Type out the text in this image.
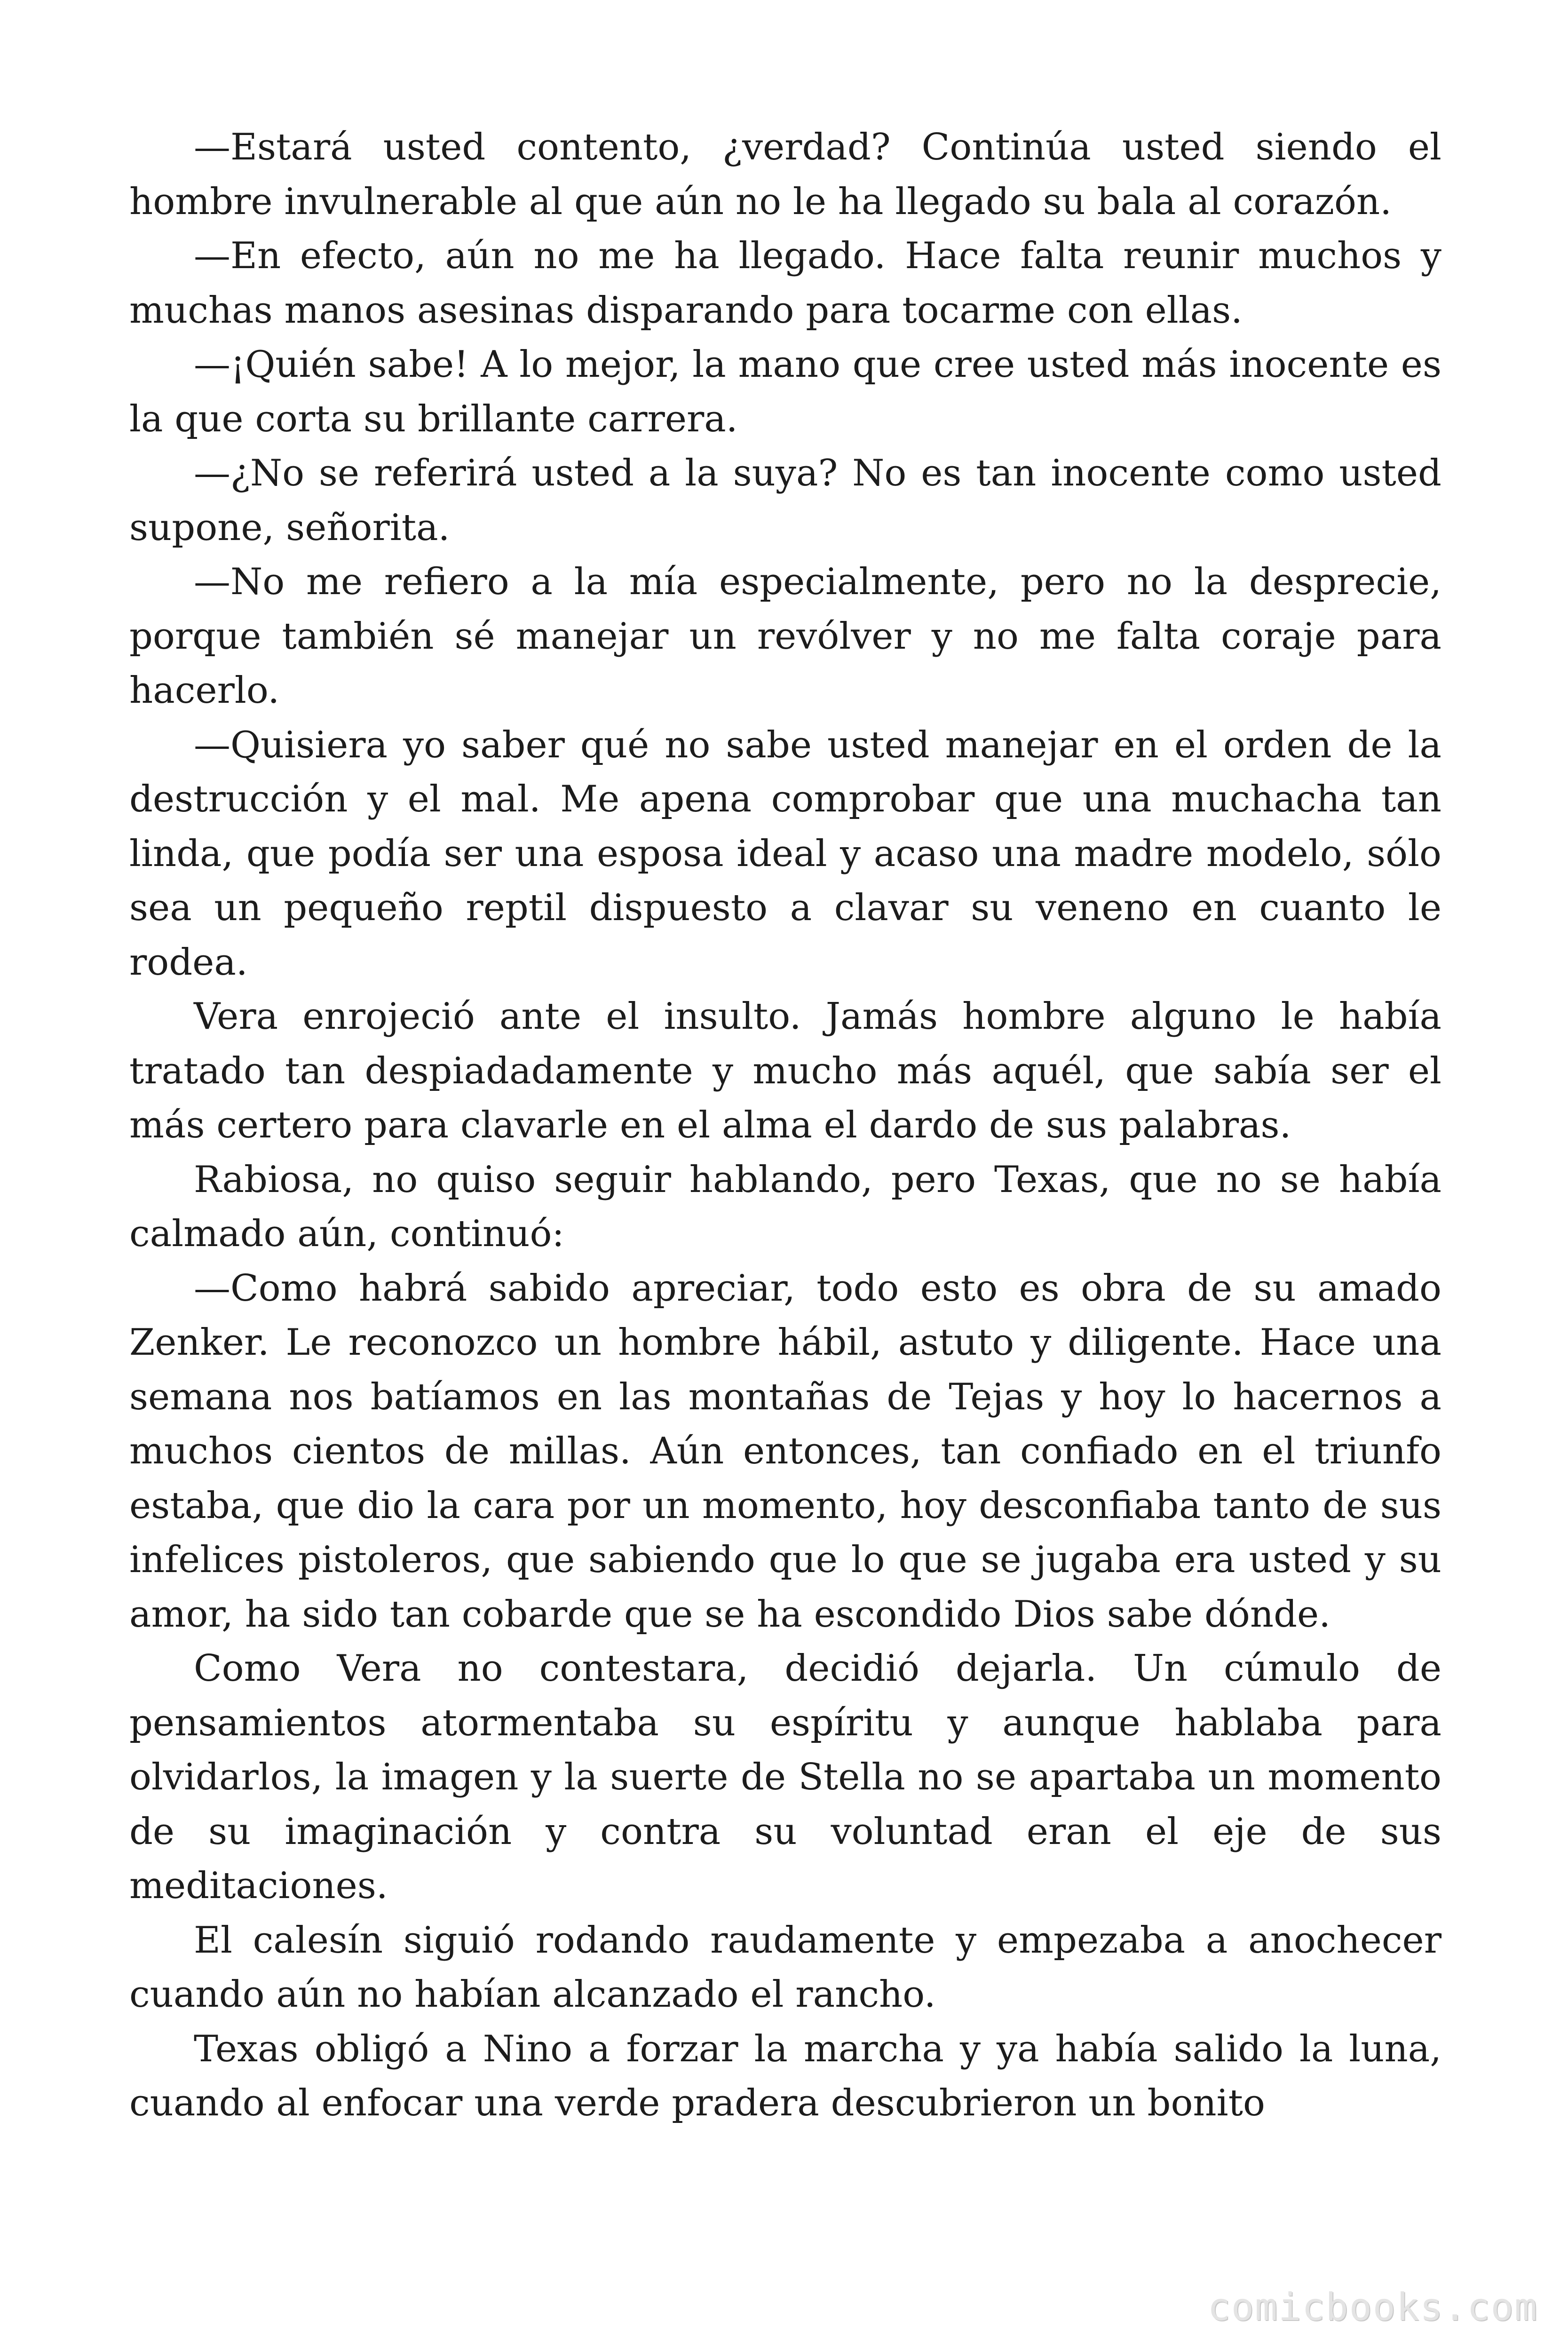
—Estará usted contento, ¿verdad? Continúa usted siendo el hombre invulnerable al que aún no le ha llegado su bala al corazón.

—En efecto, aún no me ha llegado. Hace falta reunir muchos y muchas manos asesinas disparando para tocarme con ellas.

—¡Quién sabe! A lo mejor, la mano que cree usted más inocente es la que corta su brillante carrera.

—¿No se referirá usted a la suya? No es tan inocente como usted supone, señorita.

—No me refiero a la mía especialmente, pero no la desprecie, porque también sé manejar un revólver y no me falta coraje para hacerlo.

—Quisiera yo saber qué no sabe usted manejar en el orden de la destrucción y el mal. Me apena comprobar que una muchacha tan linda, que podía ser una esposa ideal y acaso una madre modelo, sólo sea un pequeño reptil dispuesto a clavar su veneno en cuanto le rodea.

Vera enrojeció ante el insulto. Jamás hombre alguno le había tratado tan despiadadamente y mucho más aquél, que sabía ser el más certero para clavarle en el alma el dardo de sus palabras.

Rabiosa, no quiso seguir hablando, pero Texas, que no se había calmado aún, continuó:

—Como habrá sabido apreciar, todo esto es obra de su amado Zenker. Le reconozco un hombre hábil, astuto y diligente. Hace una semana nos batíamos en las montañas de Tejas y hoy lo hacernos a muchos cientos de millas. Aún entonces, tan confiado en el triunfo estaba, que dio la cara por un momento, hoy desconfiaba tanto de sus infelices pistoleros, que sabiendo que lo que se jugaba era usted y su amor, ha sido tan cobarde que se ha escondido Dios sabe dónde.

Como Vera no contestara, decidió dejarla. Un cúmulo de pensamientos atormentaba su espíritu y aunque hablaba para olvidarlos, la imagen y la suerte de Stella no se apartaba un momento de su imaginación y contra su voluntad eran el eje de sus meditaciones.

El calesín siguió rodando raudamente y empezaba a anochecer cuando aún no habían alcanzado el rancho.

Texas obligó a Nino a forzar la marcha y ya había salido la luna, cuando al enfocar una verde pradera descubrieron un bonito

comicbooks.com
